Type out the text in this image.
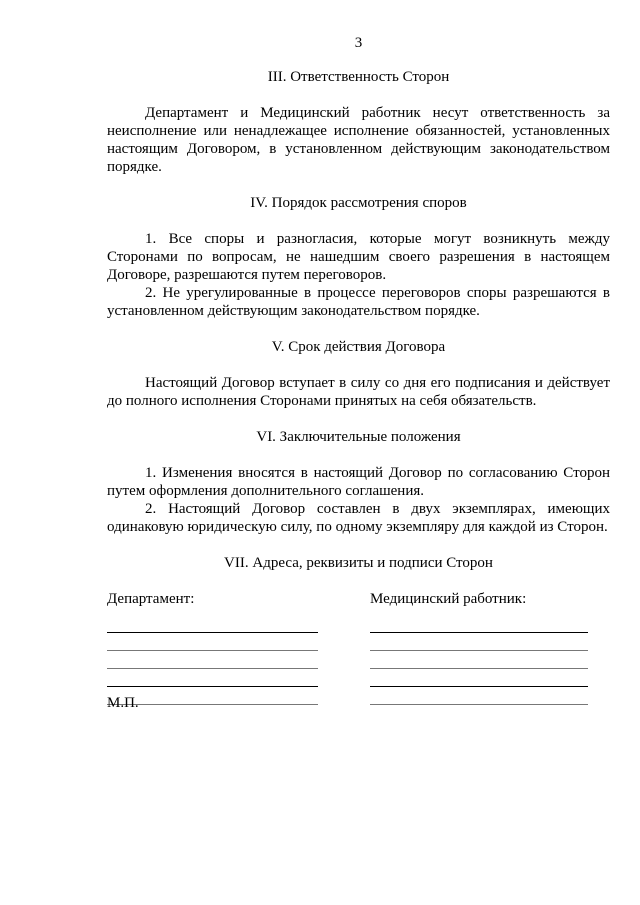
3

III. Ответственность Сторон

Департамент и Медицинский работник несут ответственность за неисполнение или ненадлежащее исполнение обязанностей, установленных настоящим Договором, в установленном действующим законодательством порядке.

IV. Порядок рассмотрения споров

1. Все споры и разногласия, которые могут возникнуть между Сторонами по вопросам, не нашедшим своего разрешения в настоящем Договоре, разрешаются путем переговоров.

2. Не урегулированные в процессе переговоров споры разрешаются в установленном действующим законодательством порядке.

V. Срок действия Договора

Настоящий Договор вступает в силу со дня его подписания и действует до полного исполнения Сторонами принятых на себя обязательств.

VI. Заключительные положения

1. Изменения вносятся в настоящий Договор по согласованию Сторон путем оформления дополнительного соглашения.

2. Настоящий Договор составлен в двух экземплярах, имеющих одинаковую юридическую силу, по одному экземпляру для каждой из Сторон.

VII. Адреса, реквизиты и подписи Сторон

Департамент:	Медицинский работник:

М.П.
